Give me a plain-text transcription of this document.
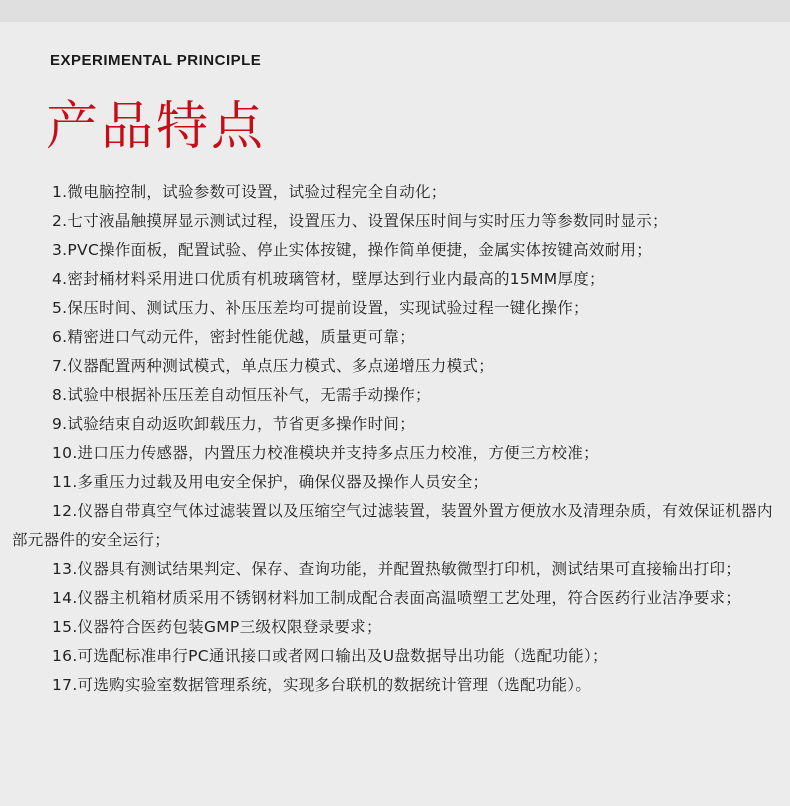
EXPERIMENTAL PRINCIPLE
产品特点
1.微电脑控制，试验参数可设置，试验过程完全自动化；
2.七寸液晶触摸屏显示测试过程，设置压力、设置保压时间与实时压力等参数同时显示；
3.PVC操作面板，配置试验、停止实体按键，操作简单便捷，金属实体按键高效耐用；
4.密封桶材料采用进口优质有机玻璃管材，壁厚达到行业内最高的15MM厚度；
5.保压时间、测试压力、补压压差均可提前设置，实现试验过程一键化操作；
6.精密进口气动元件，密封性能优越，质量更可靠；
7.仪器配置两种测试模式，单点压力模式、多点递增压力模式；
8.试验中根据补压压差自动恒压补气，无需手动操作；
9.试验结束自动返吹卸载压力，节省更多操作时间；
10.进口压力传感器，内置压力校准模块并支持多点压力校准，方便三方校准；
11.多重压力过载及用电安全保护，确保仪器及操作人员安全；
12.仪器自带真空气体过滤装置以及压缩空气过滤装置，装置外置方便放水及清理杂质，有效保证机器内部元器件的安全运行；
13.仪器具有测试结果判定、保存、查询功能，并配置热敏微型打印机，测试结果可直接输出打印；
14.仪器主机箱材质采用不锈钢材料加工制成配合表面高温喷塑工艺处理，符合医药行业洁净要求；
15.仪器符合医药包装GMP三级权限登录要求；
16.可选配标准串行PC通讯接口或者网口输出及U盘数据导出功能（选配功能）；
17.可选购实验室数据管理系统，实现多台联机的数据统计管理（选配功能）。
